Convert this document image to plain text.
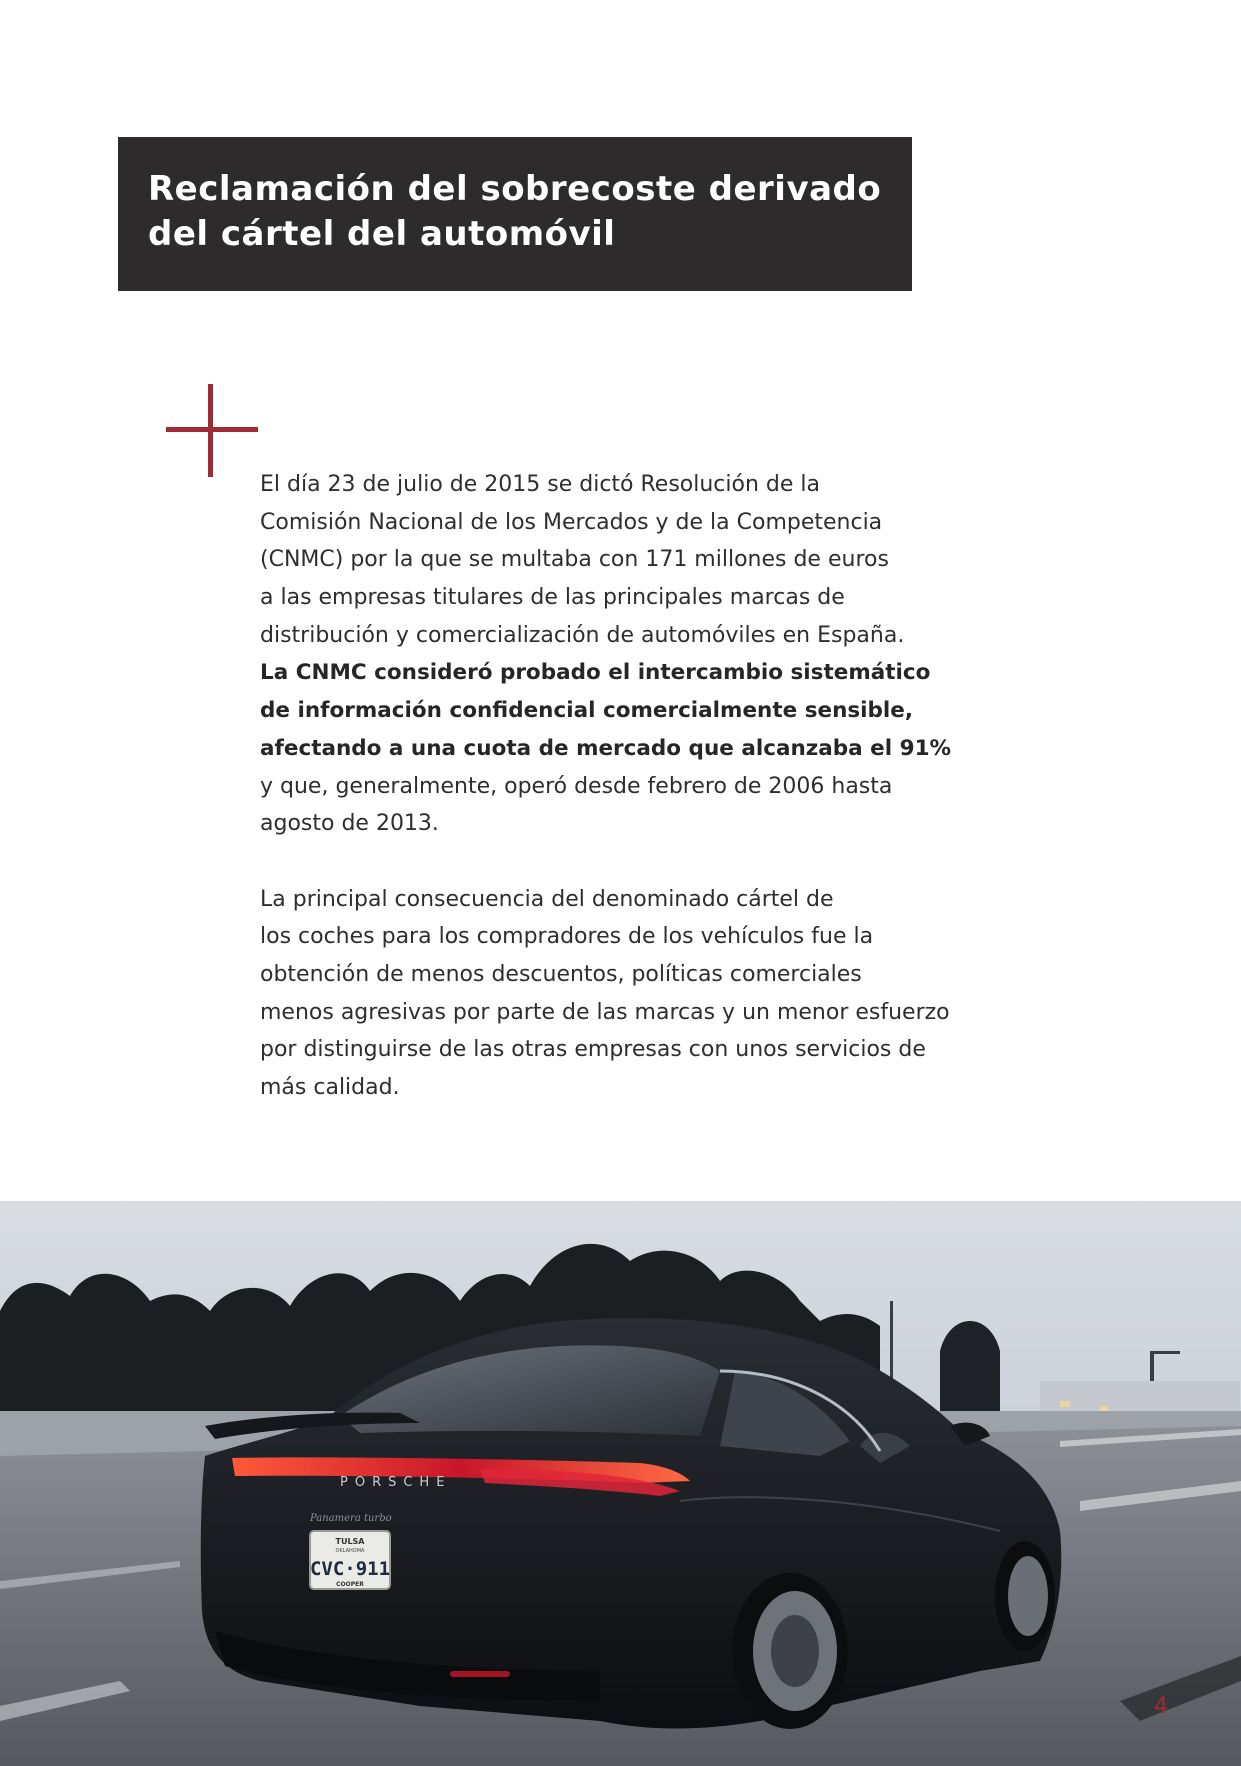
Reclamación del sobrecoste derivado
del cártel del automóvil
El día 23 de julio de 2015 se dictó Resolución de la
Comisión Nacional de los Mercados y de la Competencia
(CNMC) por la que se multaba con 171 millones de euros
a las empresas titulares de las principales marcas de
distribución y comercialización de automóviles en España.
La CNMC consideró probado el intercambio sistemático
de información confidencial comercialmente sensible,
afectando a una cuota de mercado que alcanzaba el 91%
y que, generalmente, operó desde febrero de 2006 hasta
agosto de 2013.
La principal consecuencia del denominado cártel de
los coches para los compradores de los vehículos fue la
obtención de menos descuentos, políticas comerciales
menos agresivas por parte de las marcas y un menor esfuerzo
por distinguirse de las otras empresas con unos servicios de
más calidad.
PORSCHE
Panamera turbo
TULSA
OKLAHOMA
CVC·911
COOPER
4
